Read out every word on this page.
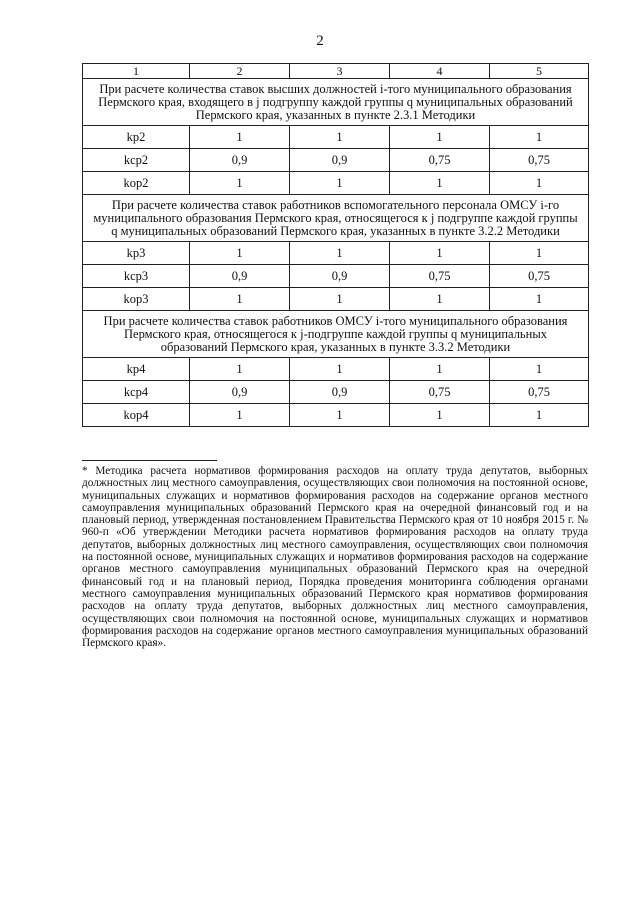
2
1	2	3	4	5
При расчете количества ставок высших должностей i-того муниципального образования Пермского края, входящего в j подгруппу каждой группы q муниципальных образований Пермского края, указанных в пункте 2.3.1 Методики				
kp2	1	1	1	1
kcp2	0,9	0,9	0,75	0,75
kop2	1	1	1	1
При расчете количества ставок работников вспомогательного персонала ОМСУ i-го муниципального образования Пермского края, относящегося к j подгруппе каждой группы q муниципальных образований Пермского края, указанных в пункте 3.2.2 Методики				
kp3	1	1	1	1
kcp3	0,9	0,9	0,75	0,75
kop3	1	1	1	1
При расчете количества ставок работников ОМСУ i-того муниципального образования Пермского края, относящегося к j-подгруппе каждой группы q муниципальных образований Пермского края, указанных в пункте 3.3.2 Методики				
kp4	1	1	1	1
kcp4	0,9	0,9	0,75	0,75
kop4	1	1	1	1
* Методика расчета нормативов формирования расходов на оплату труда депутатов, выборных должностных лиц местного самоуправления, осуществляющих свои полномочия на постоянной основе, муниципальных служащих и нормативов формирования расходов на содержание органов местного самоуправления муниципальных образований Пермского края на очередной финансовый год и на плановый период, утвержденная постановлением Правительства Пермского края от 10 ноября 2015 г. № 960-п «Об утверждении Методики расчета нормативов формирования расходов на оплату труда депутатов, выборных должностных лиц местного самоуправления, осуществляющих свои полномочия на постоянной основе, муниципальных служащих и нормативов формирования расходов на содержание органов местного самоуправления муниципальных образований Пермского края на очередной финансовый год и на плановый период, Порядка проведения мониторинга соблюдения органами местного самоуправления муниципальных образований Пермского края нормативов формирования расходов на оплату труда депутатов, выборных должностных лиц местного самоуправления, осуществляющих свои полномочия на постоянной основе, муниципальных служащих и нормативов формирования расходов на содержание органов местного самоуправления муниципальных образований Пермского края».
